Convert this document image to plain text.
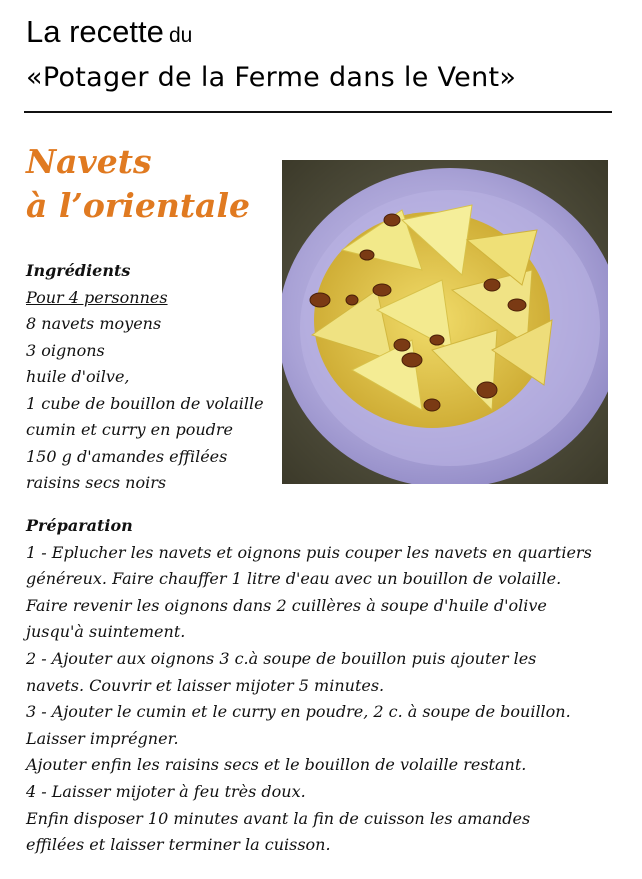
La recette du
«Potager de la Ferme dans le Vent»
Navets
à l’orientale
Ingrédients
Pour 4 personnes
8 navets moyens
3 oignons
huile d'oilve,
1 cube de bouillon de volaille
cumin et curry en poudre
150 g d'amandes effilées
raisins secs noirs
Préparation
1 - Eplucher les navets et oignons puis couper les navets en quartiers
généreux. Faire chauffer 1 litre d'eau avec un bouillon de volaille.
Faire revenir les oignons dans 2 cuillères à soupe d'huile d'olive
jusqu'à suintement.
2 - Ajouter aux oignons 3 c.à soupe de bouillon puis ajouter les
navets. Couvrir et laisser mijoter 5 minutes.
3 - Ajouter le cumin et le curry en poudre, 2 c. à soupe de bouillon.
Laisser imprégner.
Ajouter enfin les raisins secs et le bouillon de volaille restant.
4 - Laisser mijoter à feu très doux.
Enfin disposer 10 minutes avant la fin de cuisson les amandes
effilées et laisser terminer la cuisson.
